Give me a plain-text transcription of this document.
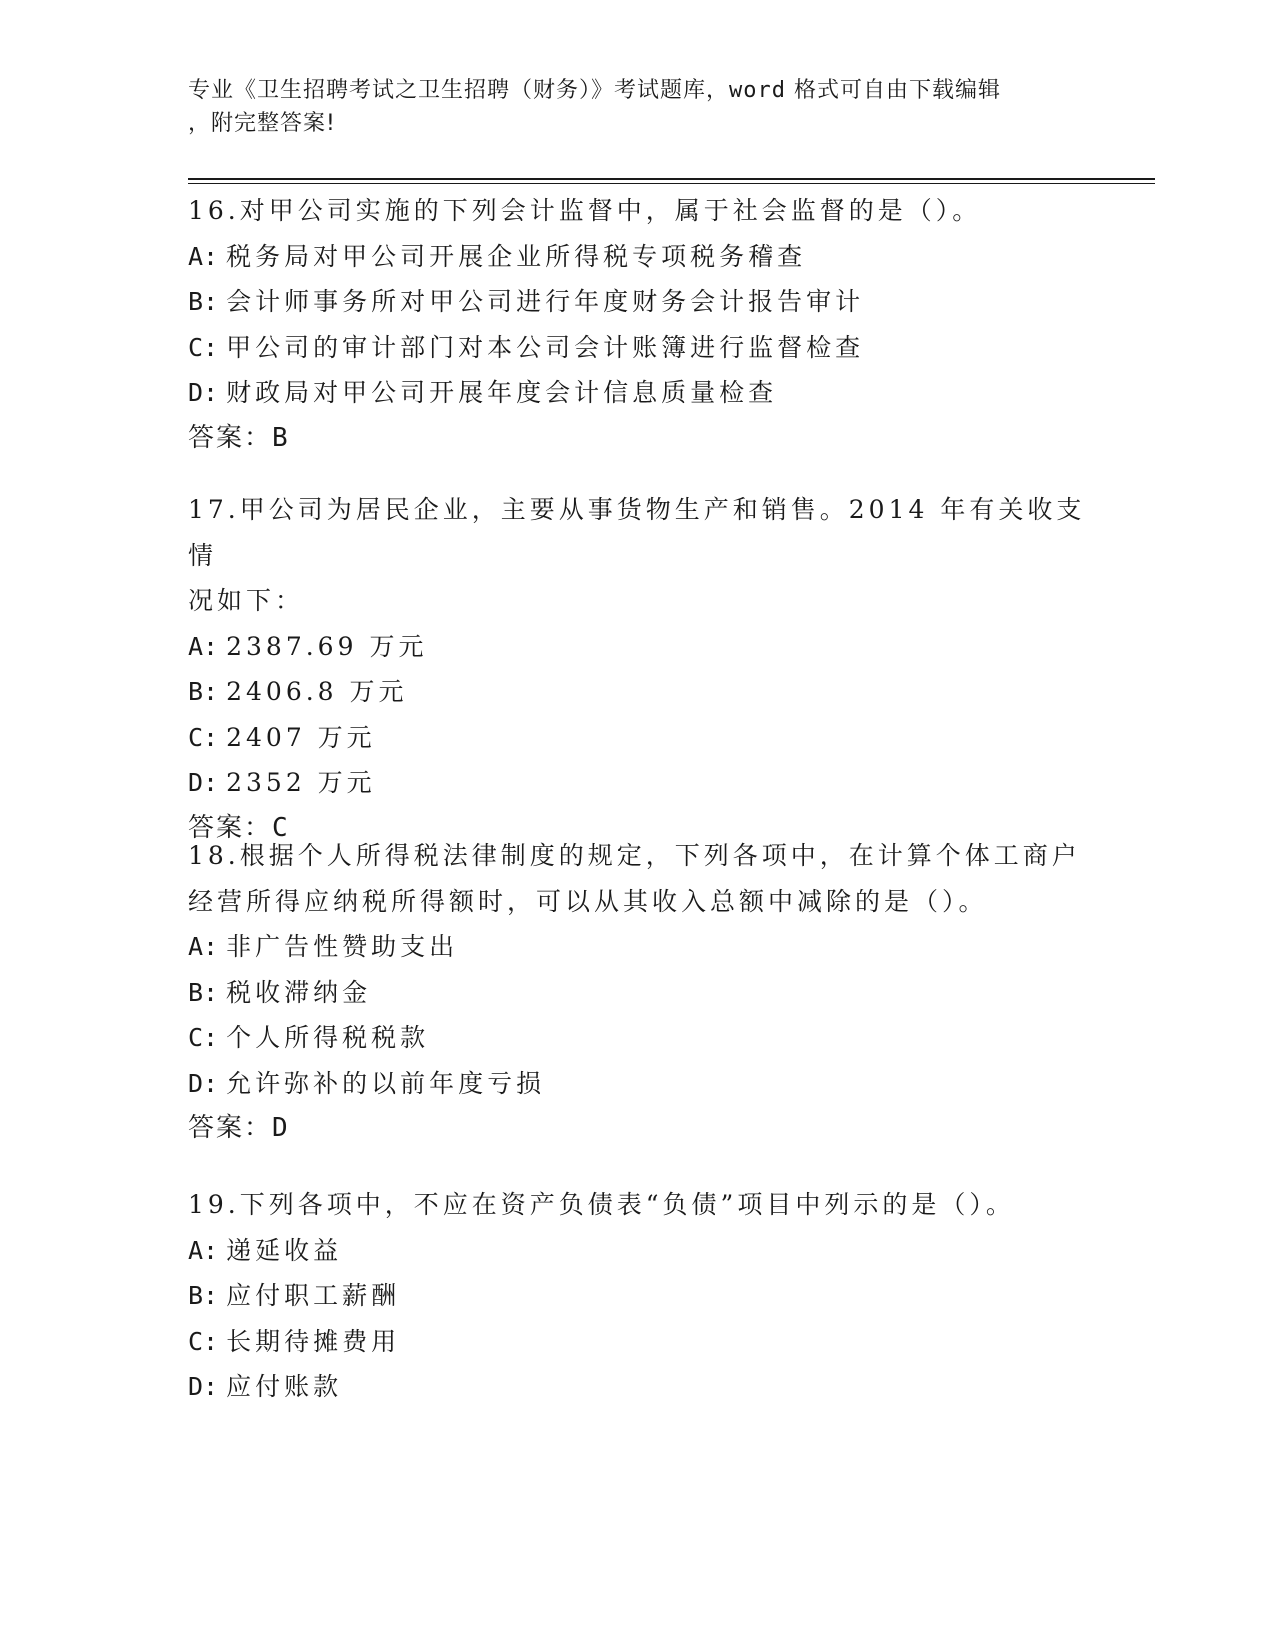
专业《卫生招聘考试之卫生招聘（财务）》考试题库，word 格式可自由下载编辑
，附完整答案!
16.对甲公司实施的下列会计监督中，属于社会监督的是（）。
A: 税务局对甲公司开展企业所得税专项税务稽查
B: 会计师事务所对甲公司进行年度财务会计报告审计
C: 甲公司的审计部门对本公司会计账簿进行监督检查
D: 财政局对甲公司开展年度会计信息质量检查
答案：B
17.甲公司为居民企业，主要从事货物生产和销售。2014 年有关收支情
况如下：
A: 2387.69 万元
B: 2406.8 万元
C: 2407 万元
D: 2352 万元
答案：C
18.根据个人所得税法律制度的规定，下列各项中，在计算个体工商户
经营所得应纳税所得额时，可以从其收入总额中减除的是（）。
A: 非广告性赞助支出
B: 税收滞纳金
C: 个人所得税税款
D: 允许弥补的以前年度亏损
答案：D
19.下列各项中，不应在资产负债表“负债”项目中列示的是（）。
A: 递延收益
B: 应付职工薪酬
C: 长期待摊费用
D: 应付账款
